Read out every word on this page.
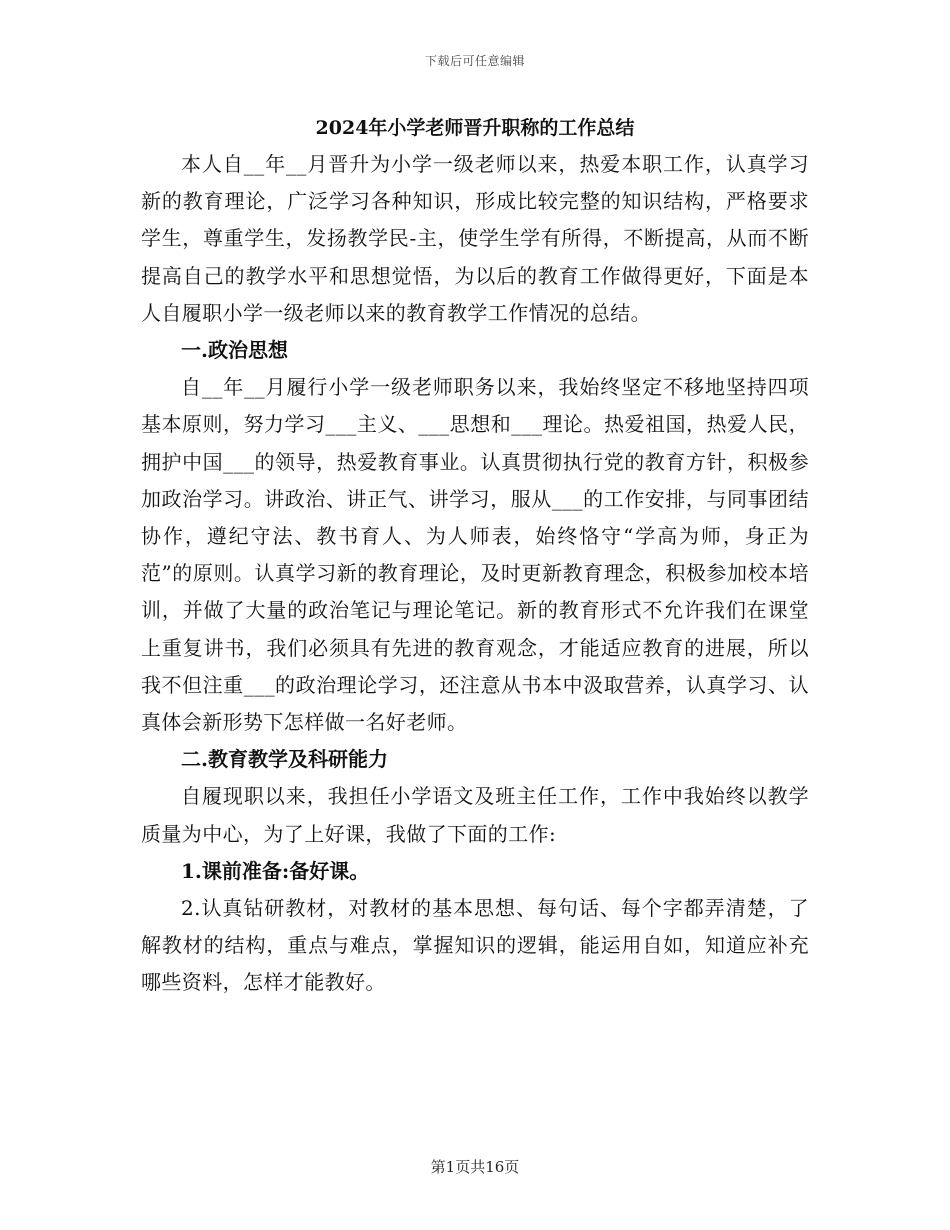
下载后可任意编辑
2024年小学老师晋升职称的工作总结

本人自__年__月晋升为小学一级老师以来，热爱本职工作，认真学习新的教育理论，广泛学习各种知识，形成比较完整的知识结构，严格要求学生，尊重学生，发扬教学民-主，使学生学有所得，不断提高，从而不断提高自己的教学水平和思想觉悟，为以后的教育工作做得更好，下面是本人自履职小学一级老师以来的教育教学工作情况的总结。

一.政治思想

自__年__月履行小学一级老师职务以来，我始终坚定不移地坚持四项基本原则，努力学习___主义、___思想和___理论。热爱祖国，热爱人民，拥护中国___的领导，热爱教育事业。认真贯彻执行党的教育方针，积极参加政治学习。讲政治、讲正气、讲学习，服从___的工作安排，与同事团结协作，遵纪守法、教书育人、为人师表，始终恪守“学高为师，身正为范”的原则。认真学习新的教育理论，及时更新教育理念，积极参加校本培训，并做了大量的政治笔记与理论笔记。新的教育形式不允许我们在课堂上重复讲书，我们必须具有先进的教育观念，才能适应教育的进展，所以我不但注重___的政治理论学习，还注意从书本中汲取营养，认真学习、认真体会新形势下怎样做一名好老师。

二.教育教学及科研能力

自履现职以来，我担任小学语文及班主任工作，工作中我始终以教学质量为中心，为了上好课，我做了下面的工作:

1.课前准备:备好课。

2.认真钻研教材，对教材的基本思想、每句话、每个字都弄清楚，了解教材的结构，重点与难点，掌握知识的逻辑，能运用自如，知道应补充哪些资料，怎样才能教好。

第1页共16页
